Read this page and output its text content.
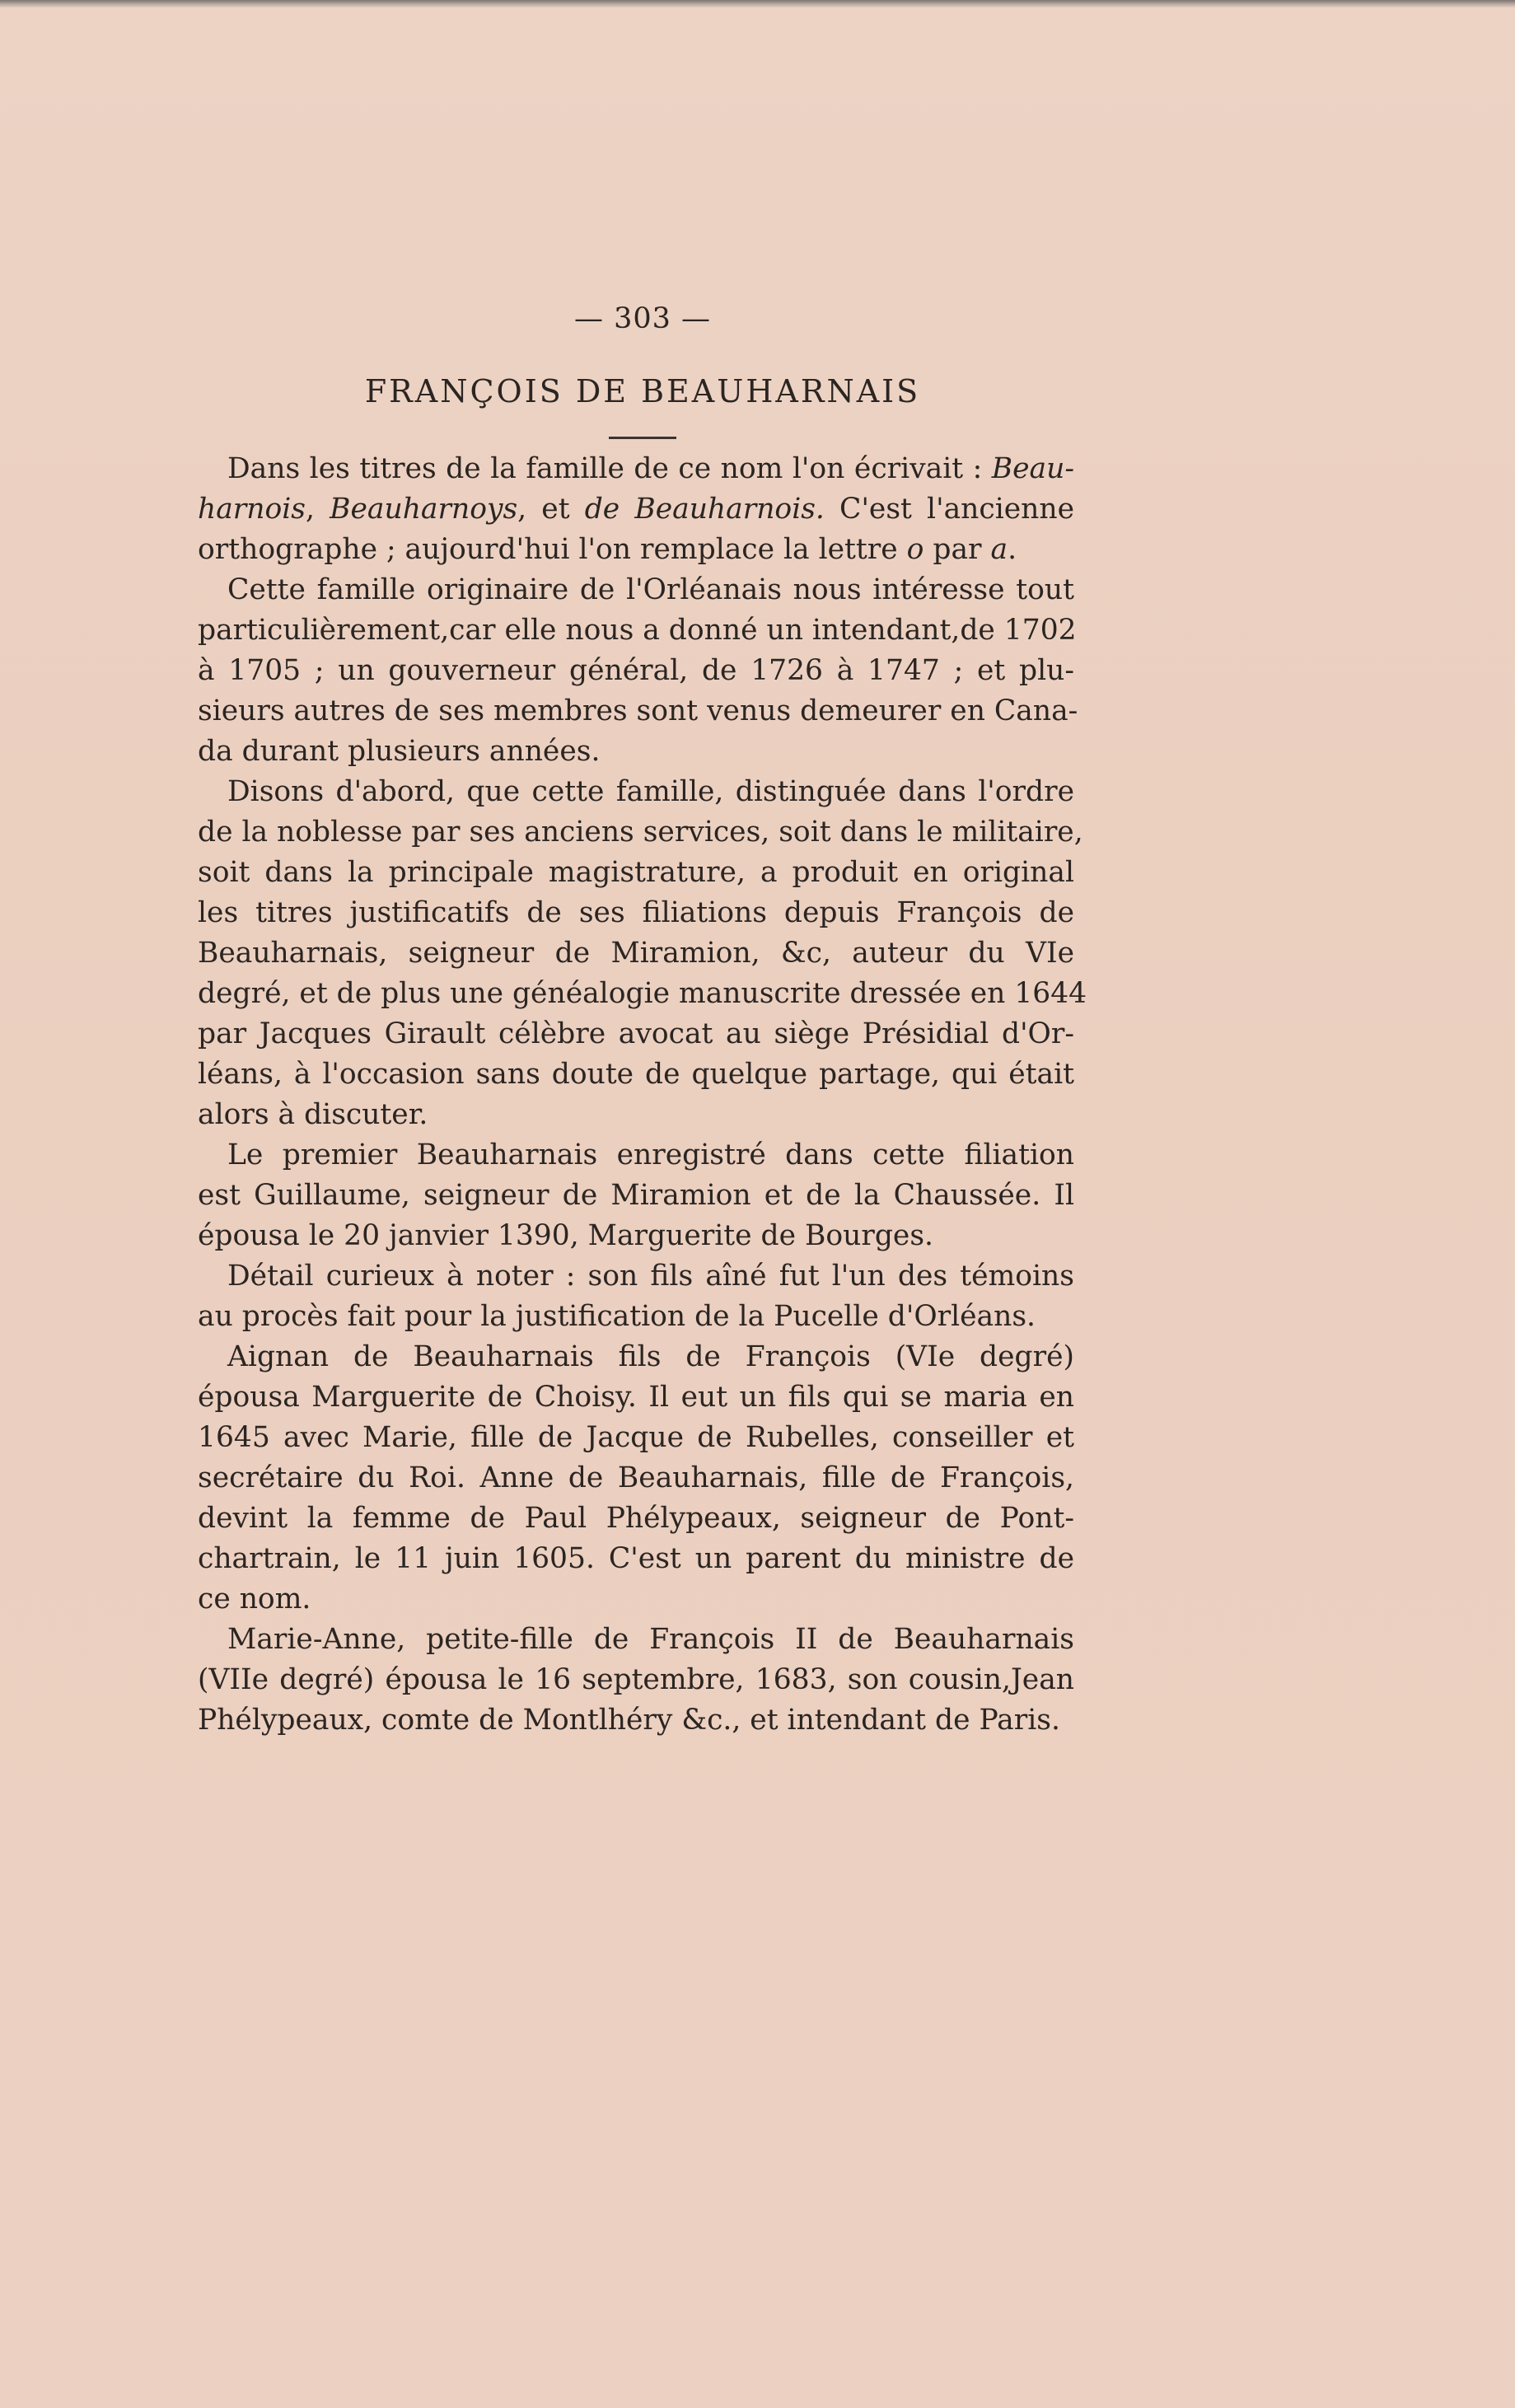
— 303 —
FRANÇOIS DE BEAUHARNAIS

Dans les titres de la famille de ce nom l'on écrivait : Beau-
harnois, Beauharnoys, et de Beauharnois. C'est l'ancienne
orthographe ; aujourd'hui l'on remplace la lettre o par a.

Cette famille originaire de l'Orléanais nous intéresse tout
particulièrement,car elle nous a donné un intendant,de 1702
à 1705 ; un gouverneur général, de 1726 à 1747 ; et plu-
sieurs autres de ses membres sont venus demeurer en Cana-
da durant plusieurs années.

Disons d'abord, que cette famille, distinguée dans l'ordre
de la noblesse par ses anciens services, soit dans le militaire,
soit dans la principale magistrature, a produit en original
les titres justificatifs de ses filiations depuis François de
Beauharnais, seigneur de Miramion, &c, auteur du VIe
degré, et de plus une généalogie manuscrite dressée en 1644
par Jacques Girault célèbre avocat au siège Présidial d'Or-
léans, à l'occasion sans doute de quelque partage, qui était
alors à discuter.

Le premier Beauharnais enregistré dans cette filiation
est Guillaume, seigneur de Miramion et de la Chaussée. Il
épousa le 20 janvier 1390, Marguerite de Bourges.

Détail curieux à noter : son fils aîné fut l'un des témoins
au procès fait pour la justification de la Pucelle d'Orléans.

Aignan de Beauharnais fils de François (VIe degré)
épousa Marguerite de Choisy. Il eut un fils qui se maria en
1645 avec Marie, fille de Jacque de Rubelles, conseiller et
secrétaire du Roi. Anne de Beauharnais, fille de François,
devint la femme de Paul Phélypeaux, seigneur de Pont-
chartrain, le 11 juin 1605. C'est un parent du ministre de
ce nom.

Marie-Anne, petite-fille de François II de Beauharnais
(VIIe degré) épousa le 16 septembre, 1683, son cousin,Jean
Phélypeaux, comte de Montlhéry &c., et intendant de Paris.
